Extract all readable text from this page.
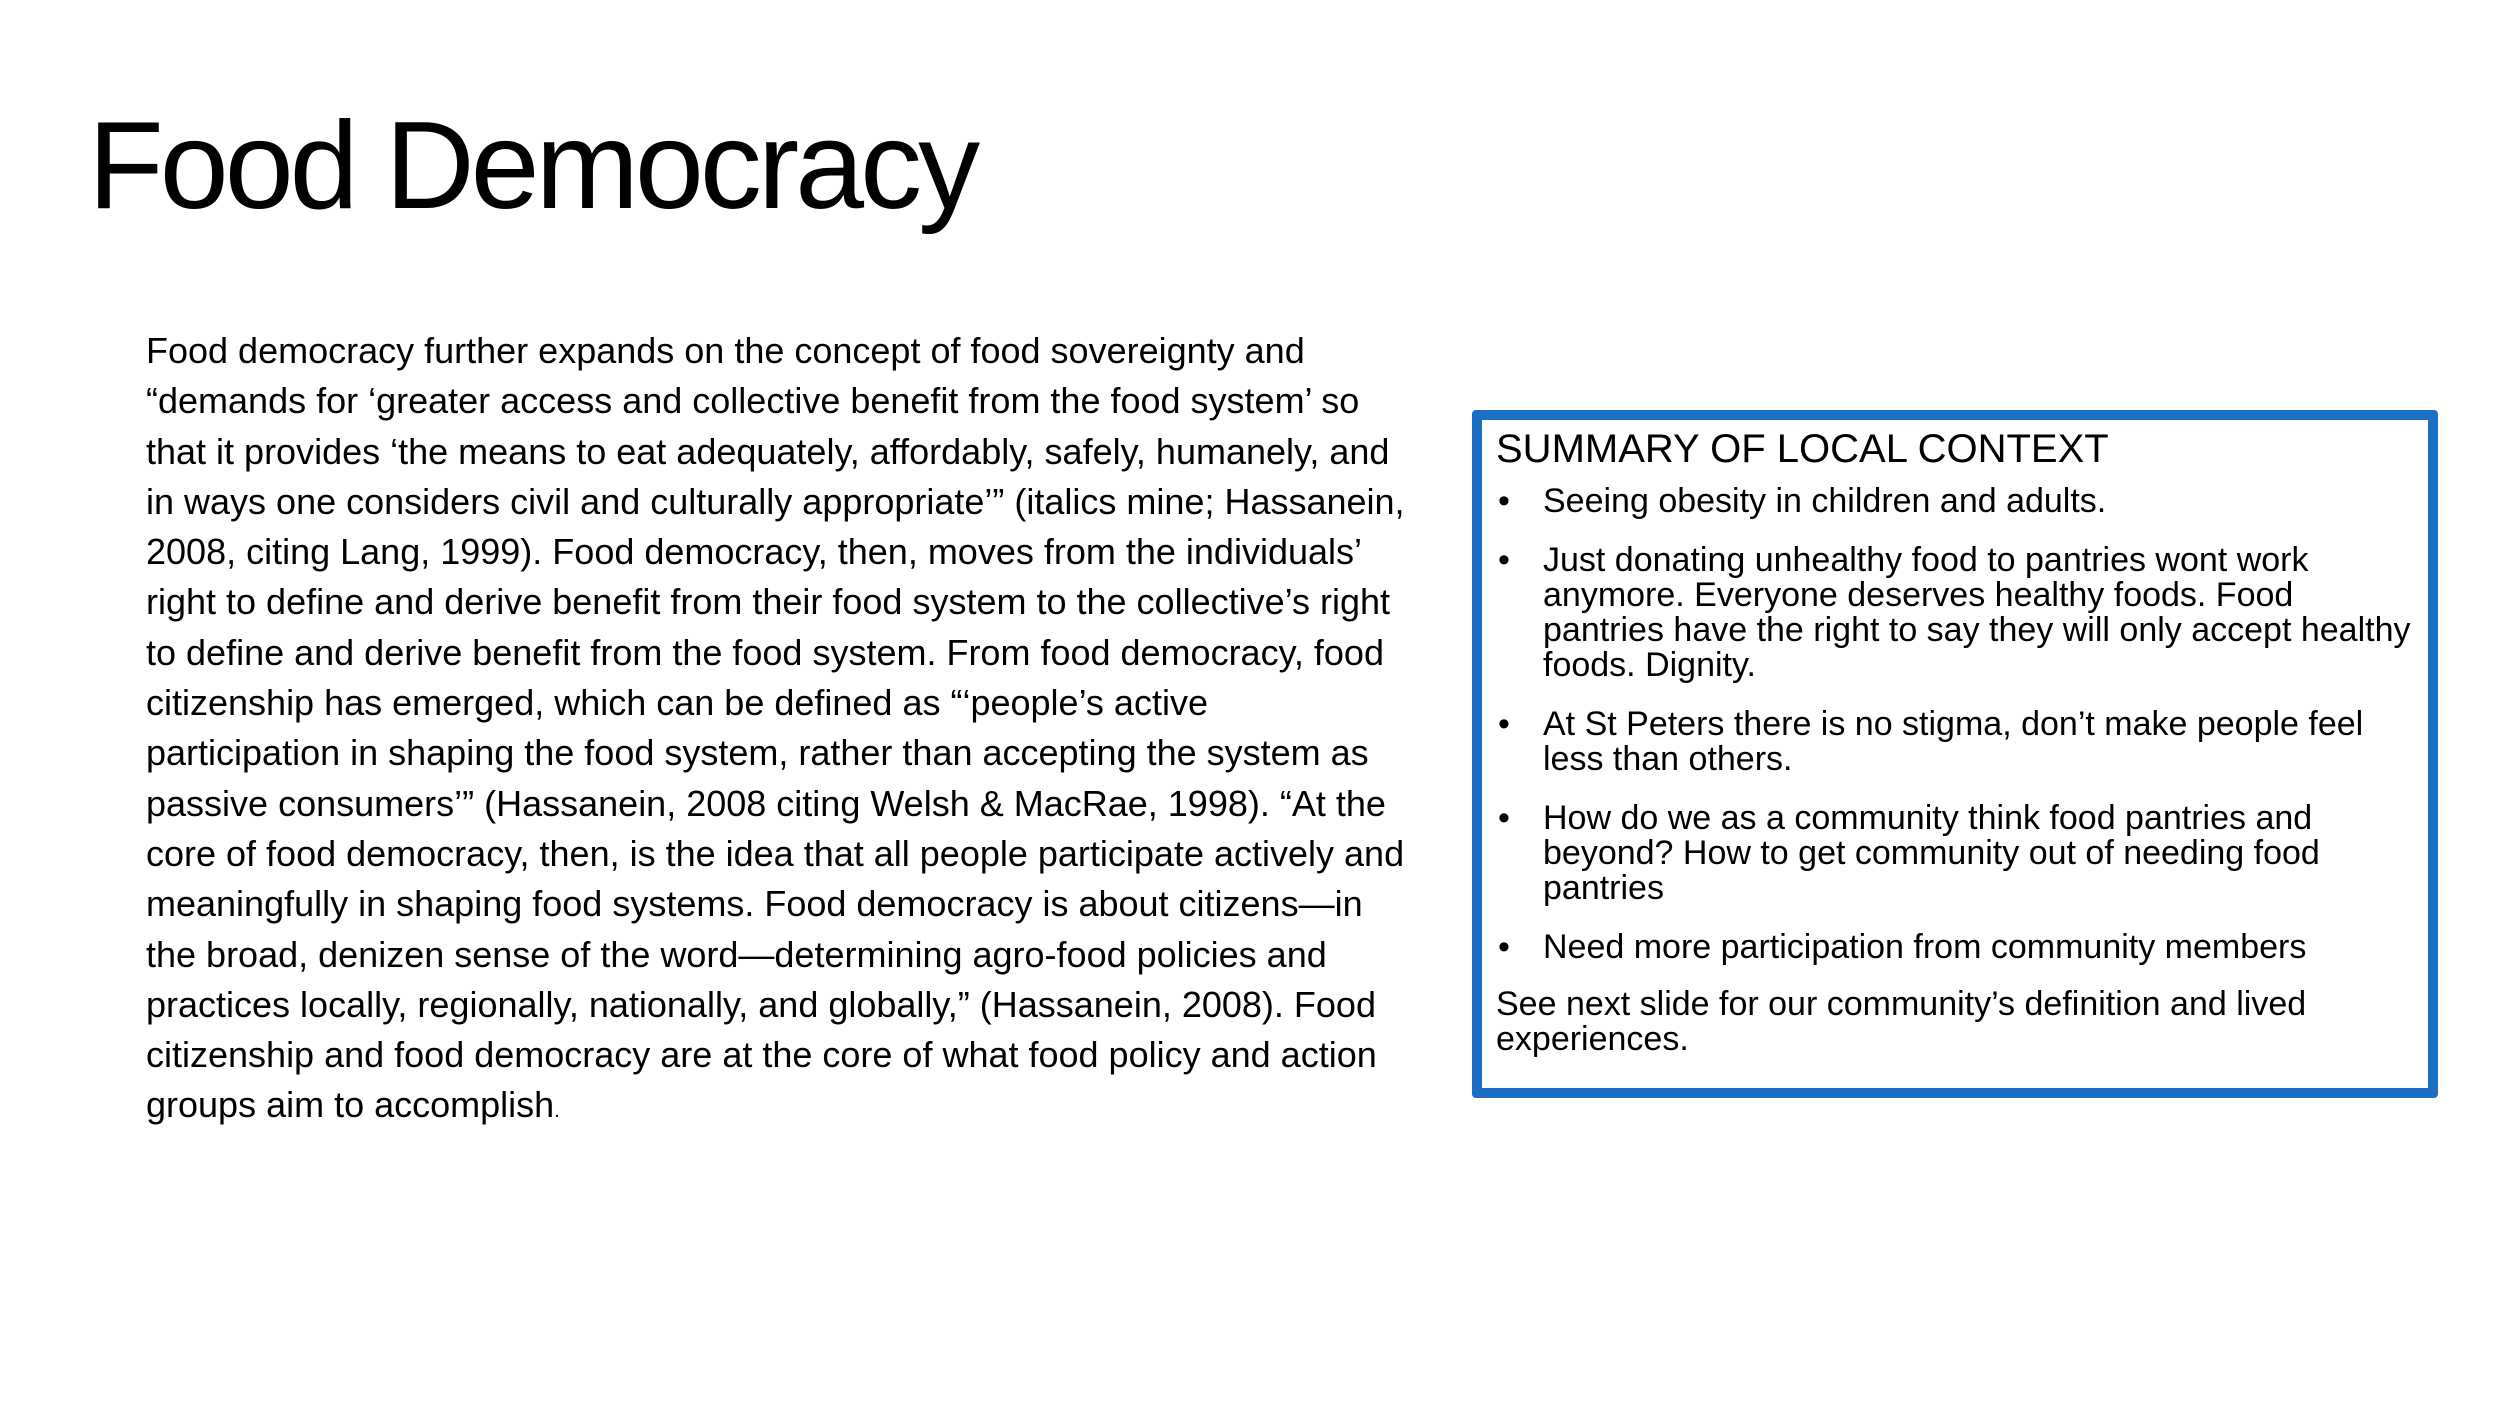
Food Democracy

Food democracy further expands on the concept of food sovereignty and “demands for ‘greater access and collective benefit from the food system’ so that it provides ‘the means to eat adequately, affordably, safely, humanely, and in ways one considers civil and culturally appropriate’” (italics mine; Hassanein, 2008, citing Lang, 1999). Food democracy, then, moves from the individuals’ right to define and derive benefit from their food system to the collective’s right to define and derive benefit from the food system. From food democracy, food citizenship has emerged, which can be defined as “‘people’s active participation in shaping the food system, rather than accepting the system as passive consumers’” (Hassanein, 2008 citing Welsh & MacRae, 1998). “At the core of food democracy, then, is the idea that all people participate actively and meaningfully in shaping food systems. Food democracy is about citizens—in the broad, denizen sense of the word—determining agro-food policies and practices locally, regionally, nationally, and globally,” (Hassanein, 2008). Food citizenship and food democracy are at the core of what food policy and action groups aim to accomplish.

SUMMARY OF LOCAL CONTEXT
• Seeing obesity in children and adults.
• Just donating unhealthy food to pantries wont work anymore. Everyone deserves healthy foods. Food pantries have the right to say they will only accept healthy foods. Dignity.
• At St Peters there is no stigma, don’t make people feel less than others.
• How do we as a community think food pantries and beyond? How to get community out of needing food pantries
• Need more participation from community members

See next slide for our community’s definition and lived experiences.
